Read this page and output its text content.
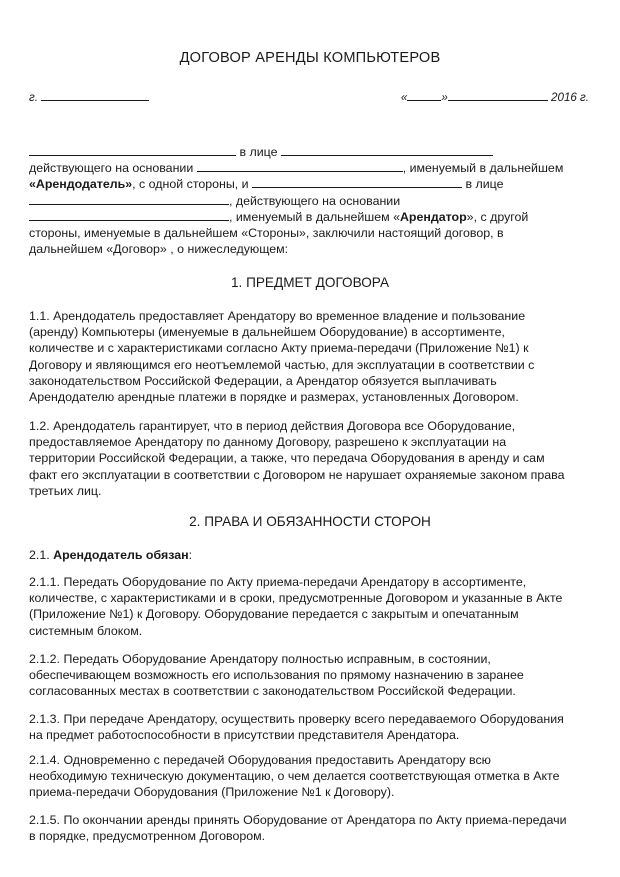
ДОГОВОР АРЕНДЫ КОМПЬЮТЕРОВ
г.	«	»	2016 г.
в лице
действующего на основании	, именуемый в дальнейшем
«Арендодатель», с одной стороны, и	в лице
, действующего на основании
, именуемый в дальнейшем «Арендатор», с другой
стороны, именуемые в дальнейшем «Стороны», заключили настоящий договор, в
дальнейшем «Договор» , о нижеследующем:
1. ПРЕДМЕТ ДОГОВОРА
1.1. Арендодатель предоставляет Арендатору во временное владение и пользование
(аренду) Компьютеры (именуемые в дальнейшем Оборудование) в ассортименте,
количестве и с характеристиками согласно Акту приема-передачи (Приложение №1) к
Договору и являющимся его неотъемлемой частью, для эксплуатации в соответствии с
законодательством Российской Федерации, а Арендатор обязуется выплачивать
Арендодателю арендные платежи в порядке и размерах, установленных Договором.
1.2. Арендодатель гарантирует, что в период действия Договора все Оборудование,
предоставляемое Арендатору по данному Договору, разрешено к эксплуатации на
территории Российской Федерации, а также, что передача Оборудования в аренду и сам
факт его эксплуатации в соответствии с Договором не нарушает охраняемые законом права
третьих лиц.
2. ПРАВА И ОБЯЗАННОСТИ СТОРОН
2.1. Арендодатель обязан:
2.1.1. Передать Оборудование по Акту приема-передачи Арендатору в ассортименте,
количестве, с характеристиками и в сроки, предусмотренные Договором и указанные в Акте
(Приложение №1) к Договору. Оборудование передается с закрытым и опечатанным
системным блоком.
2.1.2. Передать Оборудование Арендатору полностью исправным, в состоянии,
обеспечивающем возможность его использования по прямому назначению в заранее
согласованных местах в соответствии с законодательством Российской Федерации.
2.1.3. При передаче Арендатору, осуществить проверку всего передаваемого Оборудования
на предмет работоспособности в присутствии представителя Арендатора.
2.1.4. Одновременно с передачей Оборудования предоставить Арендатору всю
необходимую техническую документацию, о чем делается соответствующая отметка в Акте
приема-передачи Оборудования (Приложение №1 к Договору).
2.1.5. По окончании аренды принять Оборудование от Арендатора по Акту приема-передачи
в порядке, предусмотренном Договором.
